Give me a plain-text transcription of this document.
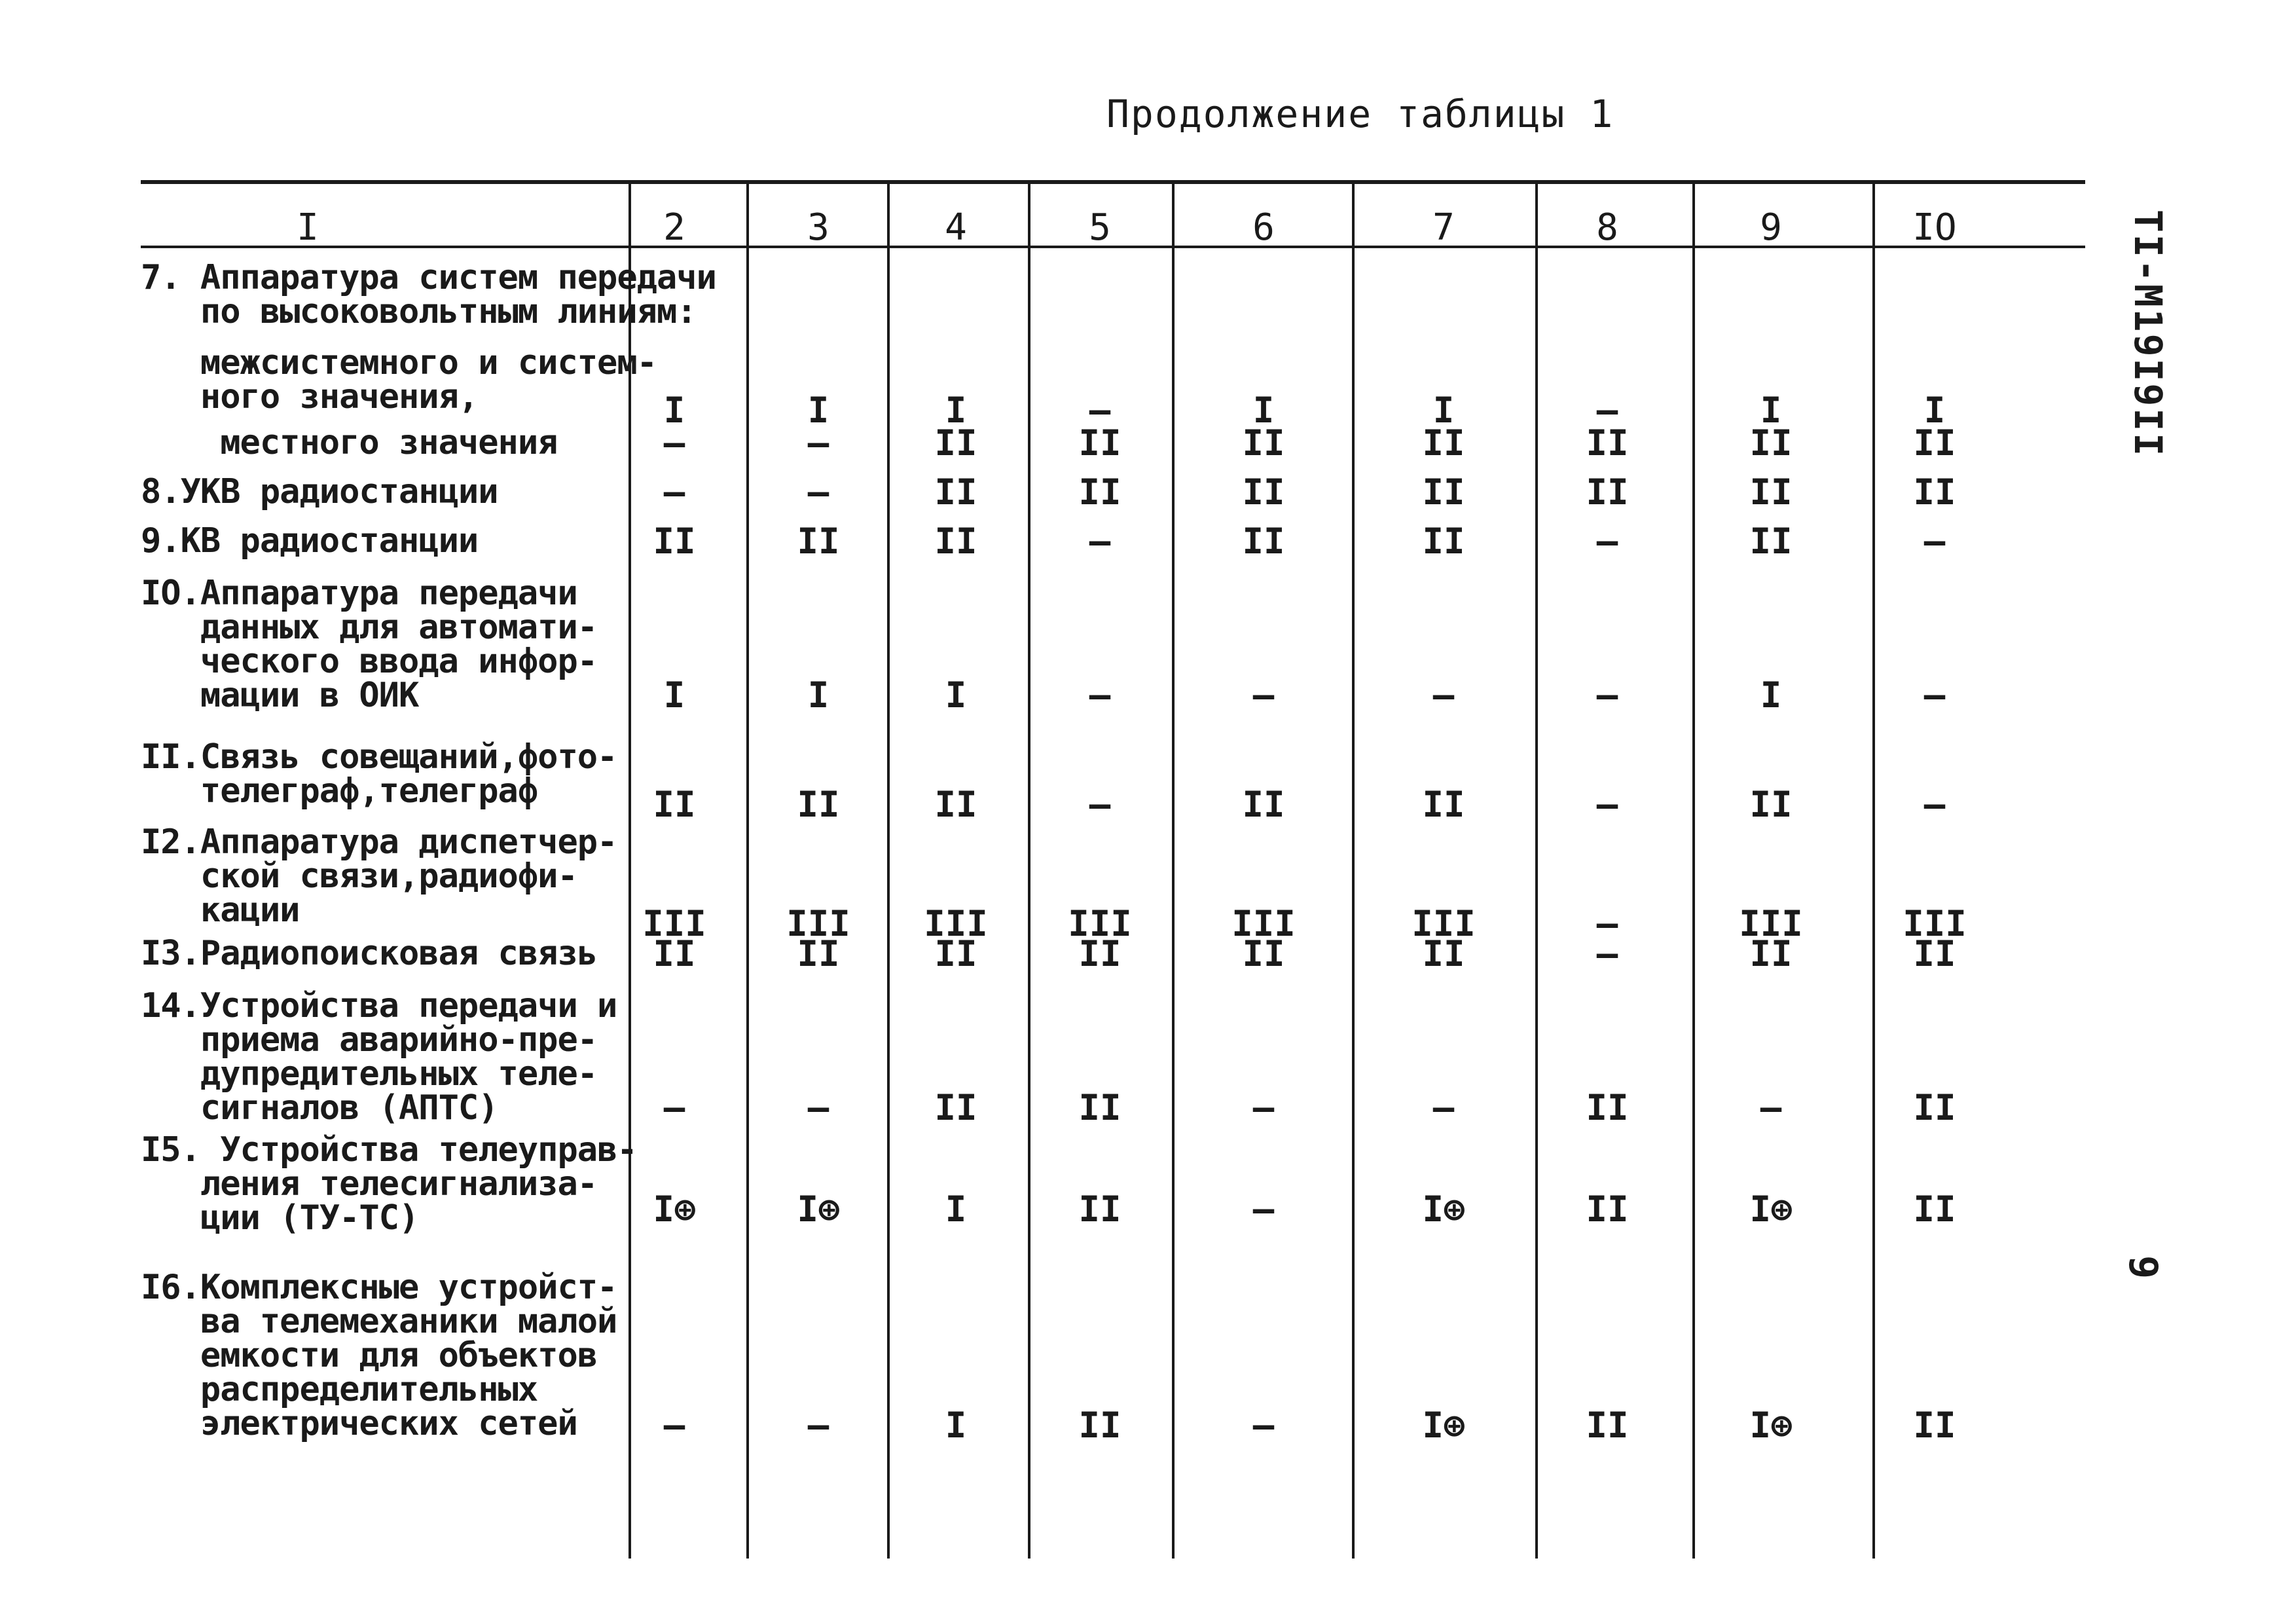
Продолжение таблицы 1
TI-M19I9II
9
I	2	3	4	5	6	7	8	9	IO
7. Аппаратура систем передачи
по высоковольтным линиям:
межсистемного и систем-
ного значения,	I	I	I	–	I	I	–	I	I
местного значения	–	–	II	II	II	II	II	II	II
8.УКВ радиостанции	–	–	II	II	II	II	II	II	II
9.КВ радиостанции	II	II	II	–	II	II	–	II	–
IO.Аппаратура передачи
данных для автомати-
ческого ввода инфор-
мации в ОИК	I	I	I	–	–	–	–	I	–
II.Связь совещаний,фото-
телеграф,телеграф	II	II	II	–	II	II	–	II	–
I2.Аппаратура диспетчер-
ской связи,радиофи-
кации	III	III	III	III	III	III	–	III	III
I3.Радиопоисковая связь	II	II	II	II	II	II	–	II	II
14.Устройства передачи и
приема аварийно-пре-
дупредительных теле-
сигналов (АПТС)	–	–	II	II	–	–	II	–	II
I5. Устройства телеуправ-
ления телесигнализа-
ции (ТУ-ТС)	I⊕	I⊕	I	II	–	I⊕	II	I⊕	II
I6.Комплексные устройст-
ва телемеханики малой
емкости для объектов
распределительных
электрических сетей	–	–	I	II	–	I⊕	II	I⊕	II
